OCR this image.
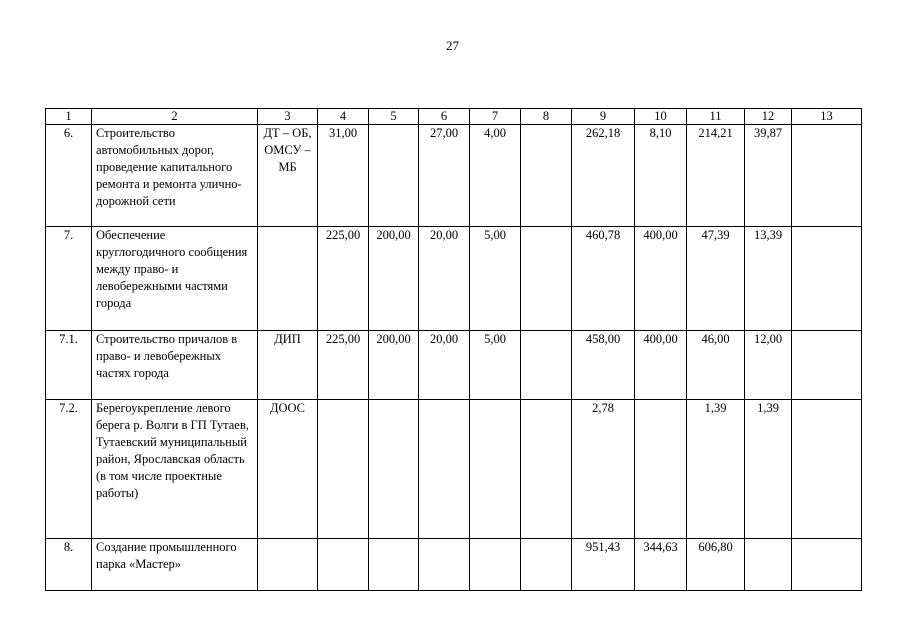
27
1	2	3	4	5	6	7	8	9	10	11	12	13
6.	Строительство автомобильных дорог, проведение капитального ремонта и ремонта улично-дорожной сети	ДТ – ОБ, ОМСУ – МБ	31,00		27,00	4,00		262,18	8,10	214,21	39,87	
7.	Обеспечение круглогодичного сообщения между право- и левобережными частями города		225,00	200,00	20,00	5,00		460,78	400,00	47,39	13,39	
7.1.	Строительство причалов в право- и левобережных частях города	ДИП	225,00	200,00	20,00	5,00		458,00	400,00	46,00	12,00	
7.2.	Берегоукрепление левого берега р. Волги в ГП Тутаев, Тутаевский муниципальный район, Ярославская область (в том числе проектные работы)	ДООС						2,78		1,39	1,39	
8.	Создание промышленного парка «Мастер»							951,43	344,63	606,80		
